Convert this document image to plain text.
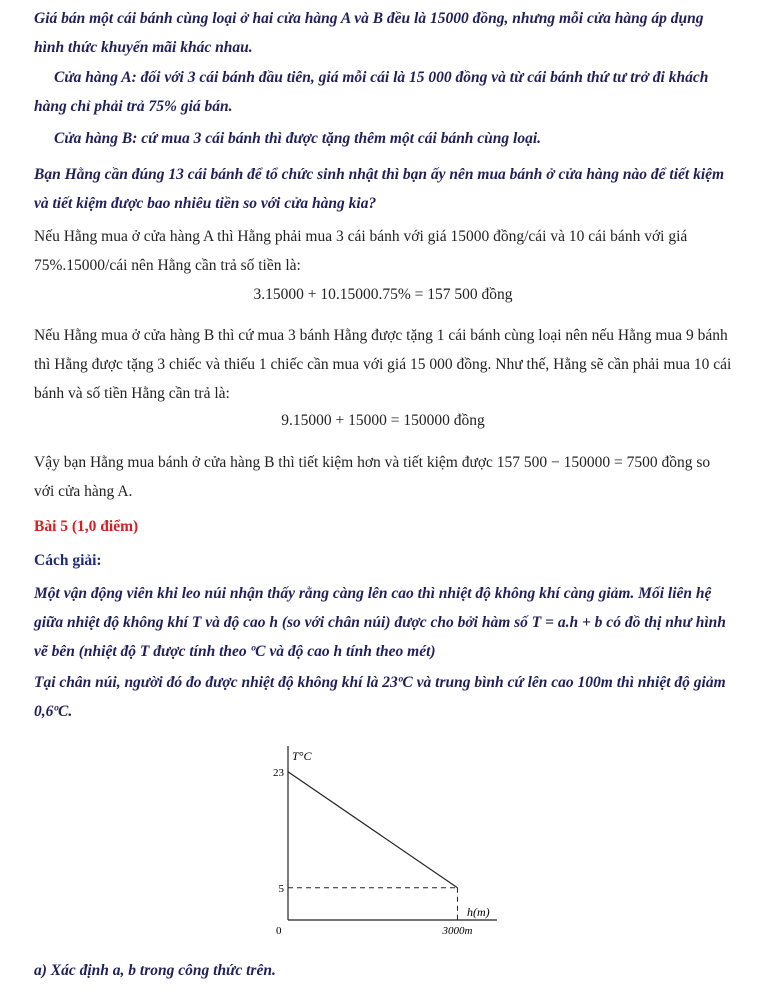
Giá bán một cái bánh cùng loại ở hai cửa hàng A và B đều là 15000 đồng, nhưng mỗi cửa hàng áp dụng hình thức khuyến mãi khác nhau.

Cửa hàng A: đối với 3 cái bánh đầu tiên, giá mỗi cái là 15 000 đồng và từ cái bánh thứ tư trở đi khách hàng chỉ phải trả 75% giá bán.

Cửa hàng B: cứ mua 3 cái bánh thì được tặng thêm một cái bánh cùng loại.

Bạn Hằng cần đúng 13 cái bánh để tổ chức sinh nhật thì bạn ấy nên mua bánh ở cửa hàng nào để tiết kiệm và tiết kiệm được bao nhiêu tiền so với cửa hàng kia?

Nếu Hằng mua ở cửa hàng A thì Hằng phải mua 3 cái bánh với giá 15000 đồng/cái và 10 cái bánh với giá 75%.15000/cái nên Hằng cần trả số tiền là:

3.15000 + 10.15000.75% = 157 500 đồng

Nếu Hằng mua ở cửa hàng B thì cứ mua 3 bánh Hằng được tặng 1 cái bánh cùng loại nên nếu Hằng mua 9 bánh thì Hằng được tặng 3 chiếc và thiếu 1 chiếc cần mua với giá 15 000 đồng. Như thế, Hằng sẽ cần phải mua 10 cái bánh và số tiền Hằng cần trả là:

9.15000 + 15000 = 150000 đồng

Vậy bạn Hằng mua bánh ở cửa hàng B thì tiết kiệm hơn và tiết kiệm được 157 500 − 150000 = 7500 đồng so với cửa hàng A.

Bài 5 (1,0 điểm)

Cách giải:

Một vận động viên khi leo núi nhận thấy rằng càng lên cao thì nhiệt độ không khí càng giảm. Mối liên hệ giữa nhiệt độ không khí T và độ cao h (so với chân núi) được cho bởi hàm số T = a.h + b có đồ thị như hình vẽ bên (nhiệt độ T được tính theo ºC và độ cao h tính theo mét)

Tại chân núi, người đó đo được nhiệt độ không khí là 23ºC và trung bình cứ lên cao 100m thì nhiệt độ giảm 0,6ºC.

T°C
h(m)
0
23
5
3000m

a) Xác định a, b trong công thức trên.
